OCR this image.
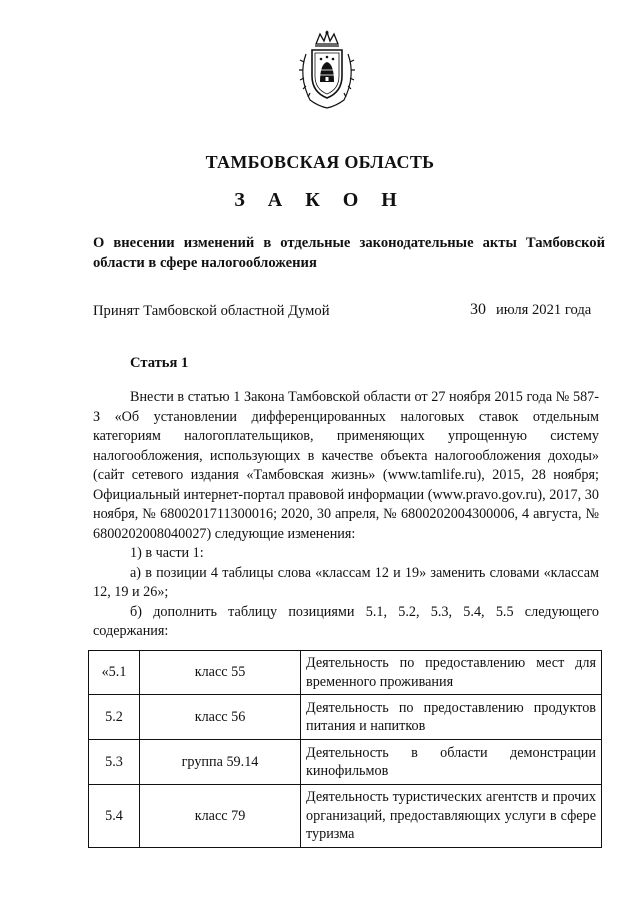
ТАМБОВСКАЯ ОБЛАСТЬ
З А К О Н
О внесении изменений в отдельные законодательные акты Тамбовской области в сфере налогообложения
Принят Тамбовской областной Думой	30 июля 2021 года
Статья 1

Внести в статью 1 Закона Тамбовской области от 27 ноября 2015 года № 587-З «Об установлении дифференцированных налоговых ставок отдельным категориям налогоплательщиков, применяющих упрощенную систему налогообложения, использующих в качестве объекта налогообложения доходы» (сайт сетевого издания «Тамбовская жизнь» (www.tamlife.ru), 2015, 28 ноября; Официальный интернет-портал правовой информации (www.pravo.gov.ru), 2017, 30 ноября, № 6800201711300016; 2020, 30 апреля, № 6800202004300006, 4 августа, № 6800202008040027) следующие изменения:

1) в части 1:

а) в позиции 4 таблицы слова «классам 12 и 19» заменить словами «классам 12, 19 и 26»;

б) дополнить таблицу позициями 5.1, 5.2, 5.3, 5.4, 5.5 следующего содержания:

«5.1	класс 55	Деятельность по предоставлению мест для временного проживания
5.2	класс 56	Деятельность по предоставлению продуктов питания и напитков
5.3	группа 59.14	Деятельность в области демонстрации кинофильмов
5.4	класс 79	Деятельность туристических агентств и прочих организаций, предоставляющих услуги в сфере туризма
